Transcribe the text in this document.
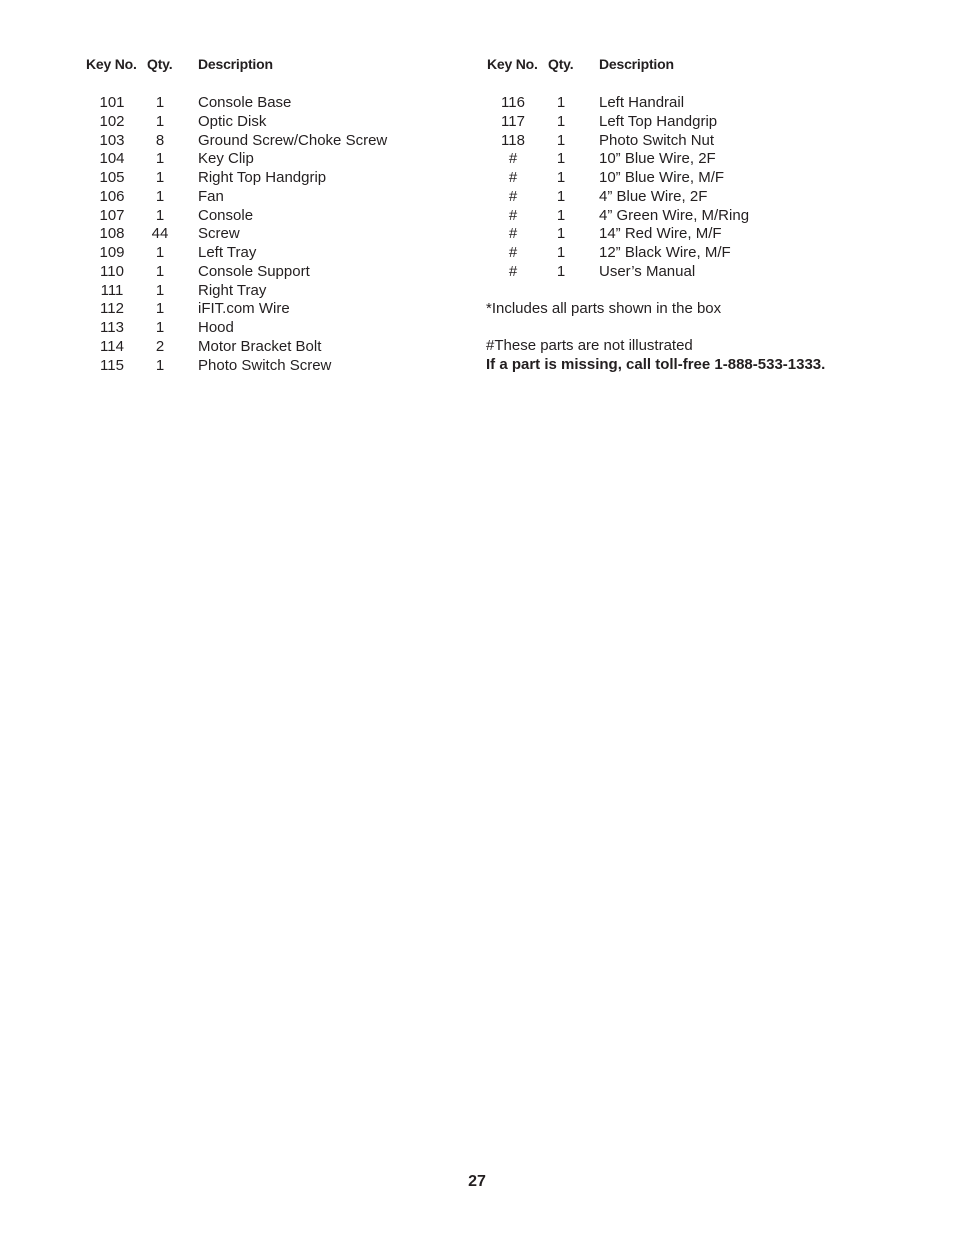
Key No. Qty. Description
101	1	Console Base
102	1	Optic Disk
103	8	Ground Screw/Choke Screw
104	1	Key Clip
105	1	Right Top Handgrip
106	1	Fan
107	1	Console
108	44	Screw
109	1	Left Tray
110	1	Console Support
111	1	Right Tray
112	1	iFIT.com Wire
113	1	Hood
114	2	Motor Bracket Bolt
115	1	Photo Switch Screw
Key No. Qty. Description
116	1	Left Handrail
117	1	Left Top Handgrip
118	1	Photo Switch Nut
#	1	10” Blue Wire, 2F
#	1	10” Blue Wire, M/F
#	1	4” Blue Wire, 2F
#	1	4” Green Wire, M/Ring
#	1	14” Red Wire, M/F
#	1	12” Black Wire, M/F
#	1	User’s Manual
*Includes all parts shown in the box
#These parts are not illustrated
If a part is missing, call toll-free 1-888-533-1333.
27
